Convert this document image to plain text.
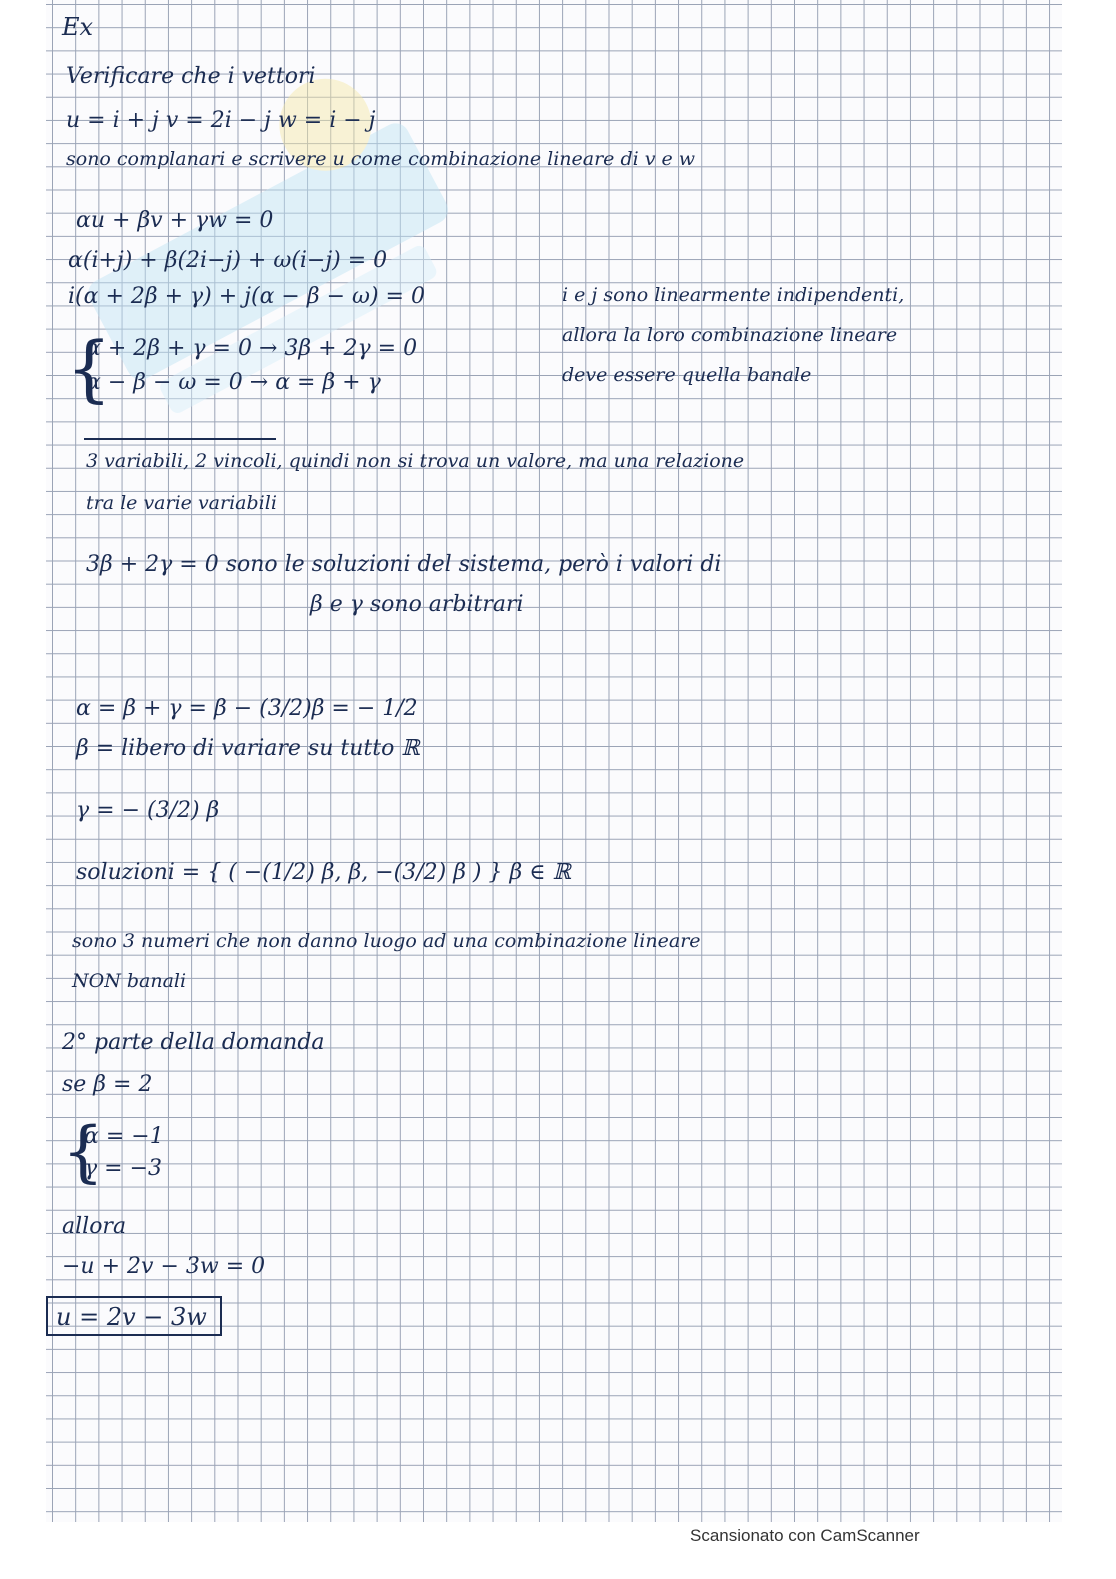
Ex
Verificare che i vettori
u = i + j v = 2i − j w = i − j
sono complanari e scrivere u come combinazione lineare di v e w
αu + βv + γw = 0
α(i+j) + β(2i−j) + ω(i−j) = 0
i(α + 2β + γ) + j(α − β − ω) = 0	i e j sono linearmente indipendenti,
allora la loro combinazione lineare
deve essere quella banale
{
α + 2β + γ = 0 → 3β + 2γ = 0
α − β − ω = 0 → α = β + γ
3 variabili, 2 vincoli, quindi non si trova un valore, ma una relazione
tra le varie variabili
3β + 2γ = 0 sono le soluzioni del sistema, però i valori di
β e γ sono arbitrari
α = β + γ = β − (3/2)β = − 1/2
β = libero di variare su tutto ℝ
γ = − (3/2) β
soluzioni = { ( −(1/2) β, β, −(3/2) β ) } β ∈ ℝ
sono 3 numeri che non danno luogo ad una combinazione lineare
NON banali
2° parte della domanda
se β = 2
{
α = −1
γ = −3
allora
−u + 2v − 3w = 0
u = 2v − 3w
Scansionato con CamScanner
